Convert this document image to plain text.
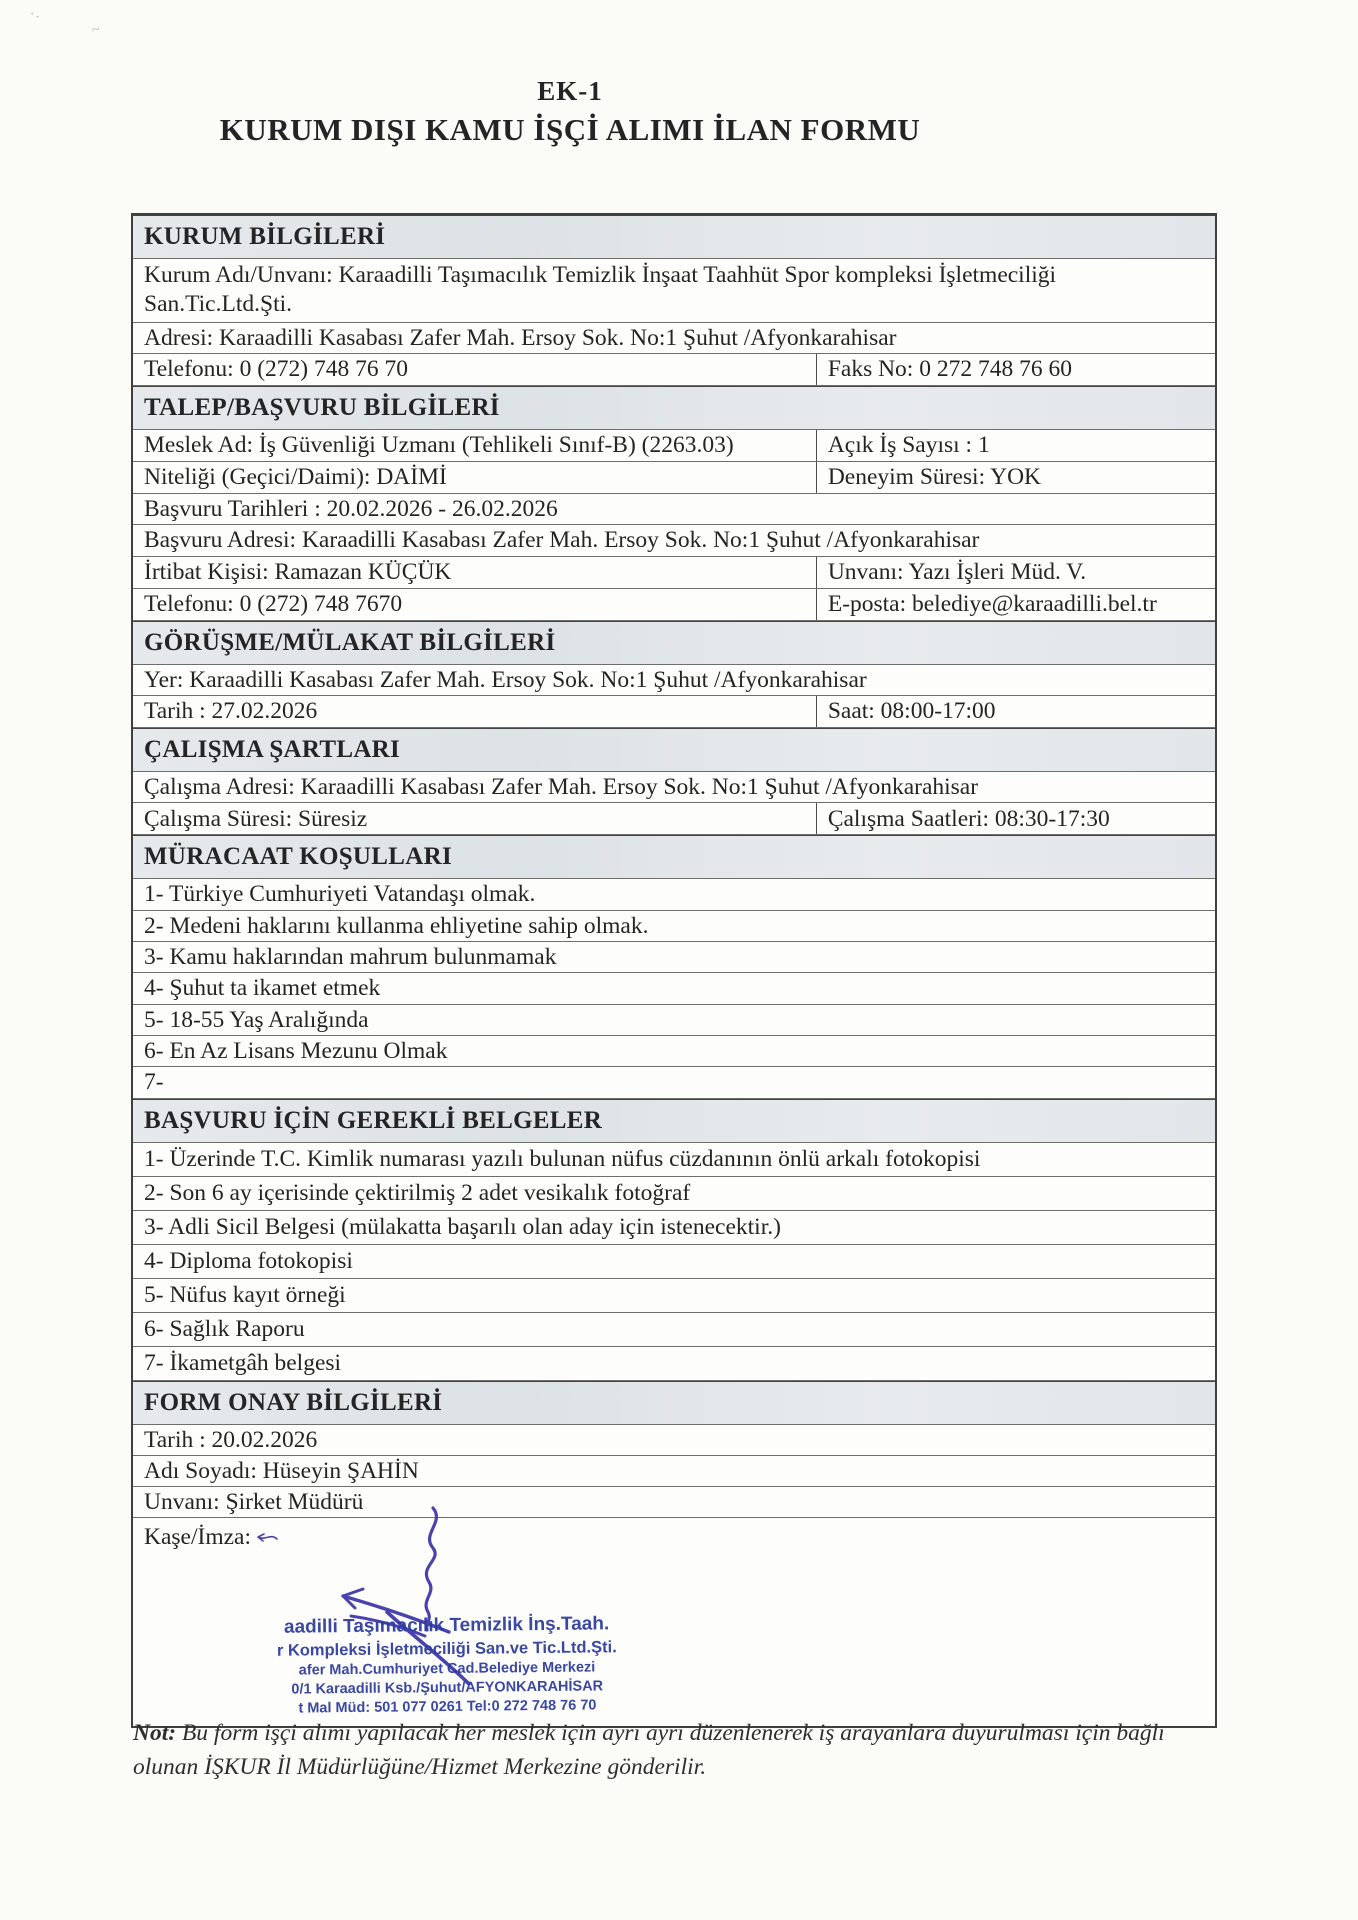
·.
~
EK-1
KURUM DIŞI KAMU İŞÇİ ALIMI İLAN FORMU
KURUM BİLGİLERİ
Kurum Adı/Unvanı: Karaadilli Taşımacılık Temizlik İnşaat Taahhüt Spor kompleksi İşletmeciliği San.Tic.Ltd.Şti.
Adresi: Karaadilli Kasabası Zafer Mah. Ersoy Sok. No:1 Şuhut /Afyonkarahisar
Telefonu: 0 (272) 748 76 70	Faks No: 0 272 748 76 60
TALEP/BAŞVURU BİLGİLERİ
Meslek Ad: İş Güvenliği Uzmanı (Tehlikeli Sınıf-B) (2263.03)	Açık İş Sayısı : 1
Niteliği (Geçici/Daimi): DAİMİ	Deneyim Süresi: YOK
Başvuru Tarihleri : 20.02.2026 - 26.02.2026
Başvuru Adresi: Karaadilli Kasabası Zafer Mah. Ersoy Sok. No:1 Şuhut /Afyonkarahisar
İrtibat Kişisi: Ramazan KÜÇÜK	Unvanı: Yazı İşleri Müd. V.
Telefonu: 0 (272) 748 7670	E-posta: belediye@karaadilli.bel.tr
GÖRÜŞME/MÜLAKAT BİLGİLERİ
Yer: Karaadilli Kasabası Zafer Mah. Ersoy Sok. No:1 Şuhut /Afyonkarahisar
Tarih : 27.02.2026	Saat: 08:00-17:00
ÇALIŞMA ŞARTLARI
Çalışma Adresi: Karaadilli Kasabası Zafer Mah. Ersoy Sok. No:1 Şuhut /Afyonkarahisar
Çalışma Süresi: Süresiz	Çalışma Saatleri: 08:30-17:30
MÜRACAAT KOŞULLARI
1- Türkiye Cumhuriyeti Vatandaşı olmak.
2- Medeni haklarını kullanma ehliyetine sahip olmak.
3- Kamu haklarından mahrum bulunmamak
4- Şuhut ta ikamet etmek
5- 18-55 Yaş Aralığında
6- En Az Lisans Mezunu Olmak
7-
BAŞVURU İÇİN GEREKLİ BELGELER
1- Üzerinde T.C. Kimlik numarası yazılı bulunan nüfus cüzdanının önlü arkalı fotokopisi
2- Son 6 ay içerisinde çektirilmiş 2 adet vesikalık fotoğraf
3- Adli Sicil Belgesi (mülakatta başarılı olan aday için istenecektir.)
4- Diploma fotokopisi
5- Nüfus kayıt örneği
6- Sağlık Raporu
7- İkametgâh belgesi
FORM ONAY BİLGİLERİ
Tarih : 20.02.2026
Adı Soyadı: Hüseyin ŞAHİN
Unvanı: Şirket Müdürü
Kaşe/İmza:
aadilli Taşımacılık Temizlik İnş.Taah.
r Kompleksi İşletmeciliği San.ve Tic.Ltd.Şti.
afer Mah.Cumhuriyet Cad.Belediye Merkezi
0/1 Karaadilli Ksb./Şuhut/AFYONKARAHİSAR
t Mal Müd: 501 077 0261 Tel:0 272 748 76 70
Not: Bu form işçi alımı yapılacak her meslek için ayrı ayrı düzenlenerek iş arayanlara duyurulması için bağlı olunan İŞKUR İl Müdürlüğüne/Hizmet Merkezine gönderilir.
